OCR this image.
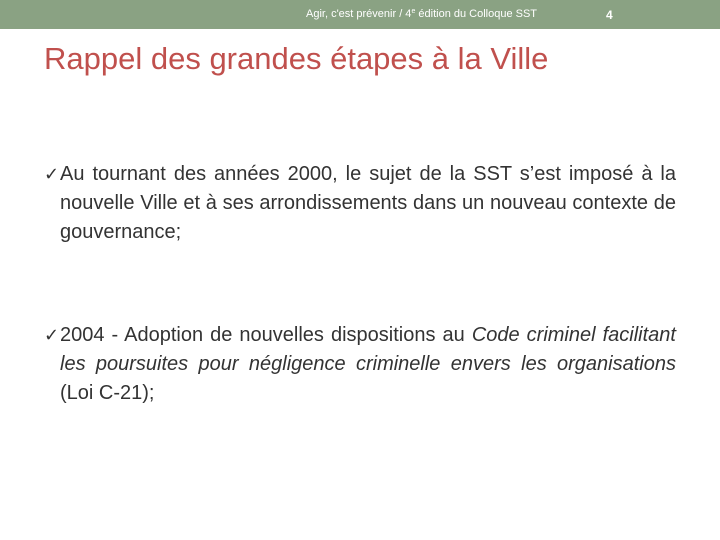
Agir, c'est prévenir / 4e édition du Colloque SST	4
Rappel des grandes étapes à la Ville
✓ Au tournant des années 2000, le sujet de la SST s’est imposé à la nouvelle Ville et à ses arrondissements dans un nouveau contexte de gouvernance;
✓ 2004 - Adoption de nouvelles dispositions au Code criminel facilitant les poursuites pour négligence criminelle envers les organisations (Loi C-21);
